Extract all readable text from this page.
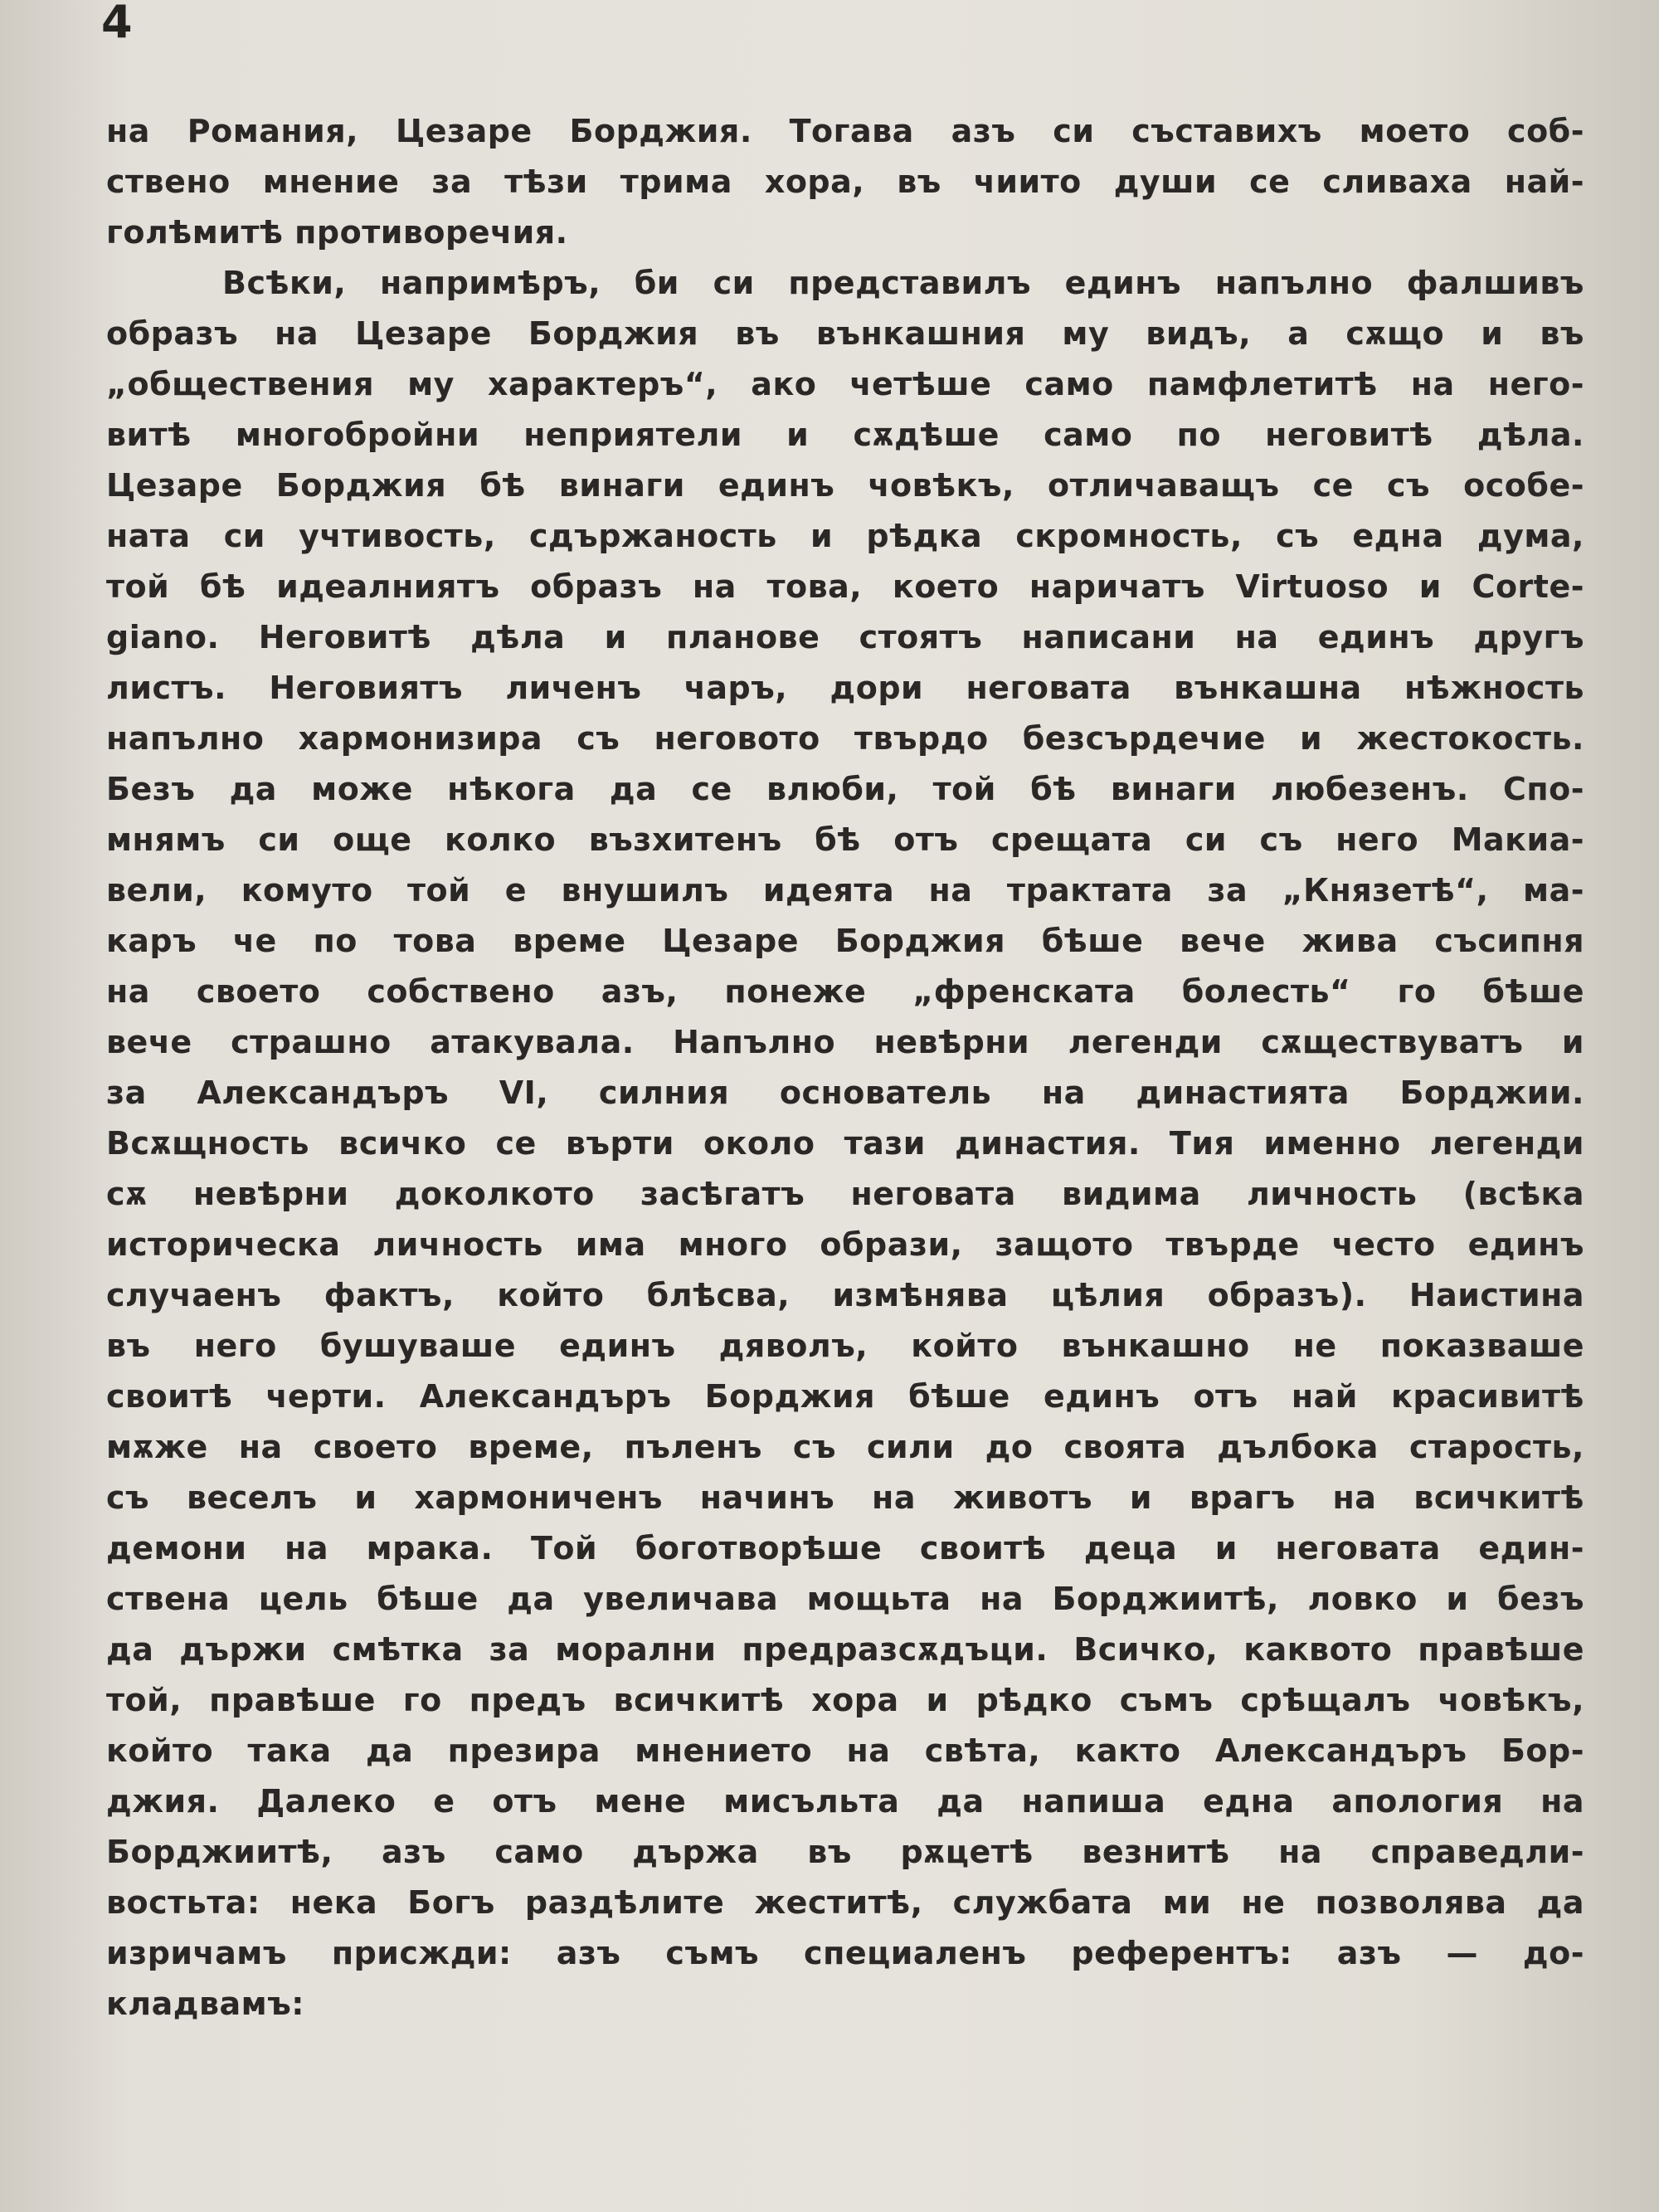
4
на Романия, Цезаре Борджия. Тогава азъ си съставихъ моето соб-
ствено мнение за тѣзи трима хора, въ чиито души се сливаха най-
голѣмитѣ противоречия.
Всѣки, напримѣръ, би си представилъ единъ напълно фалшивъ
образъ на Цезаре Борджия въ вънкашния му видъ, а сѫщо и въ
„обществения му характеръ“, ако четѣше само памфлетитѣ на него-
витѣ многобройни неприятели и сѫдѣше само по неговитѣ дѣла.
Цезаре Борджия бѣ винаги единъ човѣкъ, отличаващъ се съ особе-
ната си учтивость, сдържаность и рѣдка скромность, съ една дума,
той бѣ идеалниятъ образъ на това, което наричатъ Virtuoso и Corte-
giano. Неговитѣ дѣла и планове стоятъ написани на единъ другъ
листъ. Неговиятъ личенъ чаръ, дори неговата вънкашна нѣжность
напълно хармонизира съ неговото твърдо безсърдечие и жестокость.
Безъ да може нѣкога да се влюби, той бѣ винаги любезенъ. Спо-
мнямъ си още колко възхитенъ бѣ отъ срещата си съ него Макиа-
вели, комуто той е внушилъ идеята на трактата за „Князетѣ“, ма-
каръ че по това време Цезаре Борджия бѣше вече жива съсипня
на своето собствено азъ, понеже „френската болесть“ го бѣше
вече страшно атакувала. Напълно невѣрни легенди сѫществуватъ и
за Александъръ VI, силния основатель на династията Борджии.
Всѫщность всичко се върти около тази династия. Тия именно легенди
сѫ невѣрни доколкото засѣгатъ неговата видима личность (всѣка
историческа личность има много образи, защото твърде често единъ
случаенъ фактъ, който блѣсва, измѣнява цѣлия образъ). Наистина
въ него бушуваше единъ дяволъ, който вънкашно не показваше
своитѣ черти. Александъръ Борджия бѣше единъ отъ най красивитѣ
мѫже на своето време, пъленъ съ сили до своята дълбока старость,
съ веселъ и хармониченъ начинъ на животъ и врагъ на всичкитѣ
демони на мрака. Той боготворѣше своитѣ деца и неговата един-
ствена цель бѣше да увеличава мощьта на Борджиитѣ, ловко и безъ
да държи смѣтка за морални предразсѫдъци. Всичко, каквото правѣше
той, правѣше го предъ всичкитѣ хора и рѣдко съмъ срѣщалъ човѣкъ,
който така да презира мнението на свѣта, както Александъръ Бор-
джия. Далеко е отъ мене мисъльта да напиша една апология на
Борджиитѣ, азъ само държа въ рѫцетѣ везнитѣ на справедли-
востьта: нека Богъ раздѣлите жеститѣ, службата ми не позволява да
изричамъ присжди: азъ съмъ специаленъ референтъ: азъ — до-
кладвамъ:
